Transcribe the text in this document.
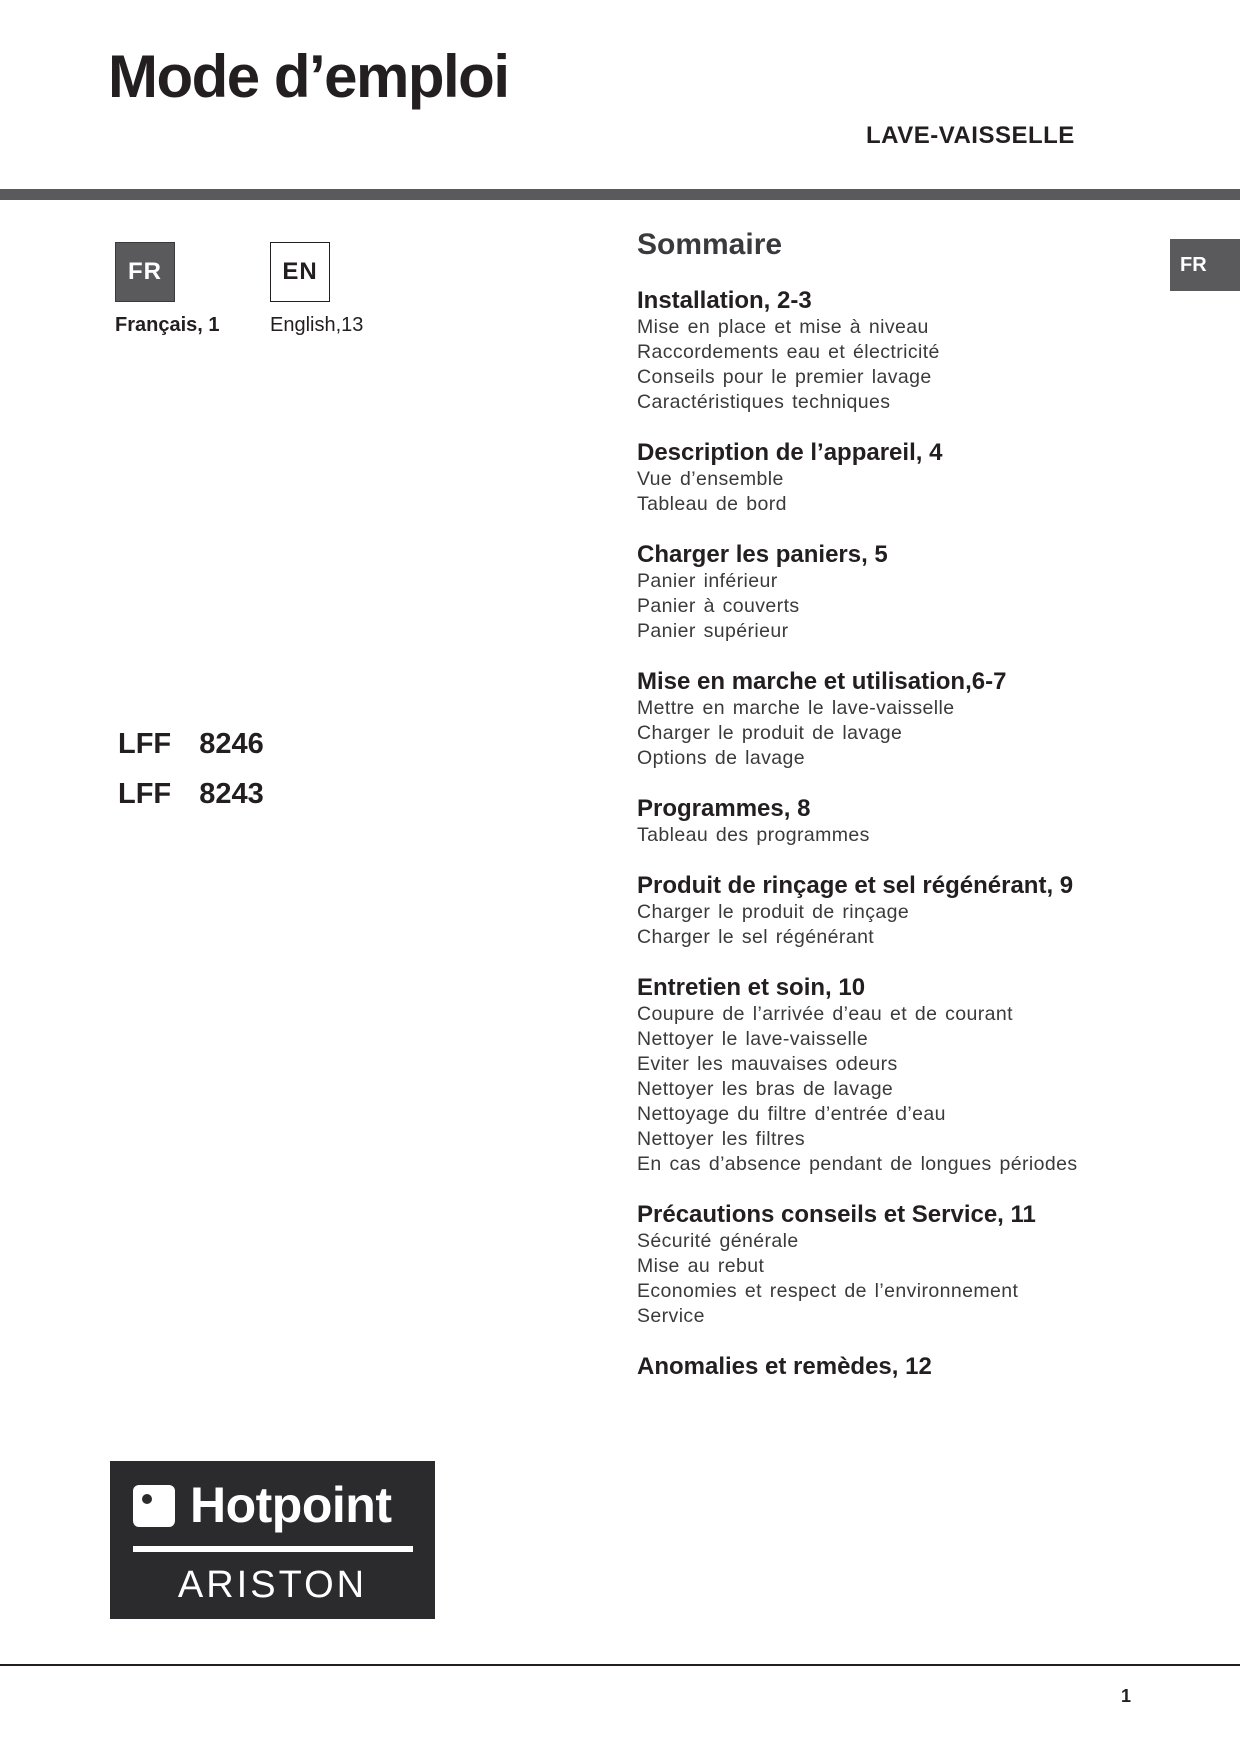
Mode d’emploi
LAVE-VAISSELLE
FR	EN
Français, 1	English,13
LFF  8246
LFF  8243
Sommaire
Installation, 2-3
Mise en place et mise à niveau
Raccordements eau et électricité
Conseils pour le premier lavage
Caractéristiques techniques
Description de l’appareil, 4
Vue d’ensemble
Tableau de bord
Charger les paniers, 5
Panier inférieur
Panier à couverts
Panier supérieur
Mise en marche et utilisation,6-7
Mettre en marche le lave-vaisselle
Charger le produit de lavage
Options de lavage
Programmes, 8
Tableau des programmes
Produit de rinçage et sel régénérant, 9
Charger le produit de rinçage
Charger le sel régénérant
Entretien et soin, 10
Coupure de l’arrivée d’eau et de courant
Nettoyer le lave-vaisselle
Eviter les mauvaises odeurs
Nettoyer les bras de lavage
Nettoyage du filtre d’entrée d’eau
Nettoyer les filtres
En cas d’absence pendant de longues périodes
Précautions conseils et Service, 11
Sécurité générale
Mise au rebut
Economies et respect de l’environnement
Service
Anomalies et remèdes, 12
FR
Hotpoint
ARISTON
1
